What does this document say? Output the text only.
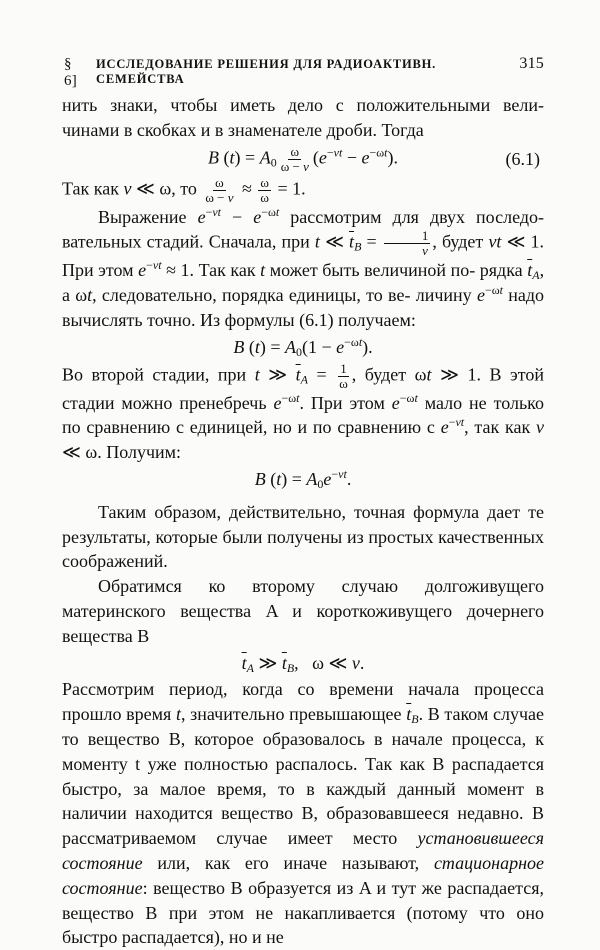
§ 6]
ИССЛЕДОВАНИЕ РЕШЕНИЯ ДЛЯ РАДИОАКТИВН. СЕМЕЙСТВА
315

нить знаки, чтобы иметь дело с положительными вели- чинами в скобках и в знаменателе дроби. Тогда

B $(t) = A_0 \frac{\omega}{\omega - v} (e^{-vt} - e^{-\omega t})$.	(6.1)

Так как v ≪ ω, то $\frac{\omega}{\omega - v} \approx \frac{\omega}{\omega} = 1$.

Выражение $e^{-vt} - e^{-\omega t}$ рассмотрим для двух последо- вательных стадий. Сначала, при t ≪ $\overline{t}_B = \frac{1}{v}$ , будет vt ≪ 1. При этом $e^{-vt} \approx 1$. Так как t может быть величиной по- рядка $\overline{t}_A$, а ωt, следовательно, порядка единицы, то ве- личину $e^{-\omega t}$ надо вычислять точно. Из формулы (6.1) получаем:

B $(t) = A_0(1 - e^{-\omega t})$.

Во второй стадии, при t ≫ $\overline{t}_A = \frac{1}{\omega}$ , будет ωt ≫ 1. В этой стадии можно пренебречь $e^{-\omega t}$. При этом $e^{-\omega t}$ мало не только по сравнению с единицей, но и по сравнению с $e^{-vt}$, так как v ≪ ω. Получим:

B $(t) = A_0e^{-vt}$.

Таким образом, действительно, точная формула дает те результаты, которые были получены из простых качественных соображений.

Обратимся ко второму случаю долгоживущего материнского вещества A и короткоживущего дочернего вещества B

$\overline{t}_A$ ≫ $\overline{t}_B$,   ω ≪ v.

Рассмотрим период, когда со времени начала процесса прошло время t, значительно превышающее $\overline{t}_B$. В таком случае то вещество B, которое образовалось в начале процесса, к моменту t уже полностью распалось. Так как B распадается быстро, за малое время, то в каждый данный момент в наличии находится вещество B, образовавшееся недавно. В рассматриваемом случае имеет место установившееся состояние или, как его иначе называют, стационарное состояние: вещество B образуется из A и тут же распадается, вещество B при этом не накапливается (потому что оно быстро распадается), но и не
